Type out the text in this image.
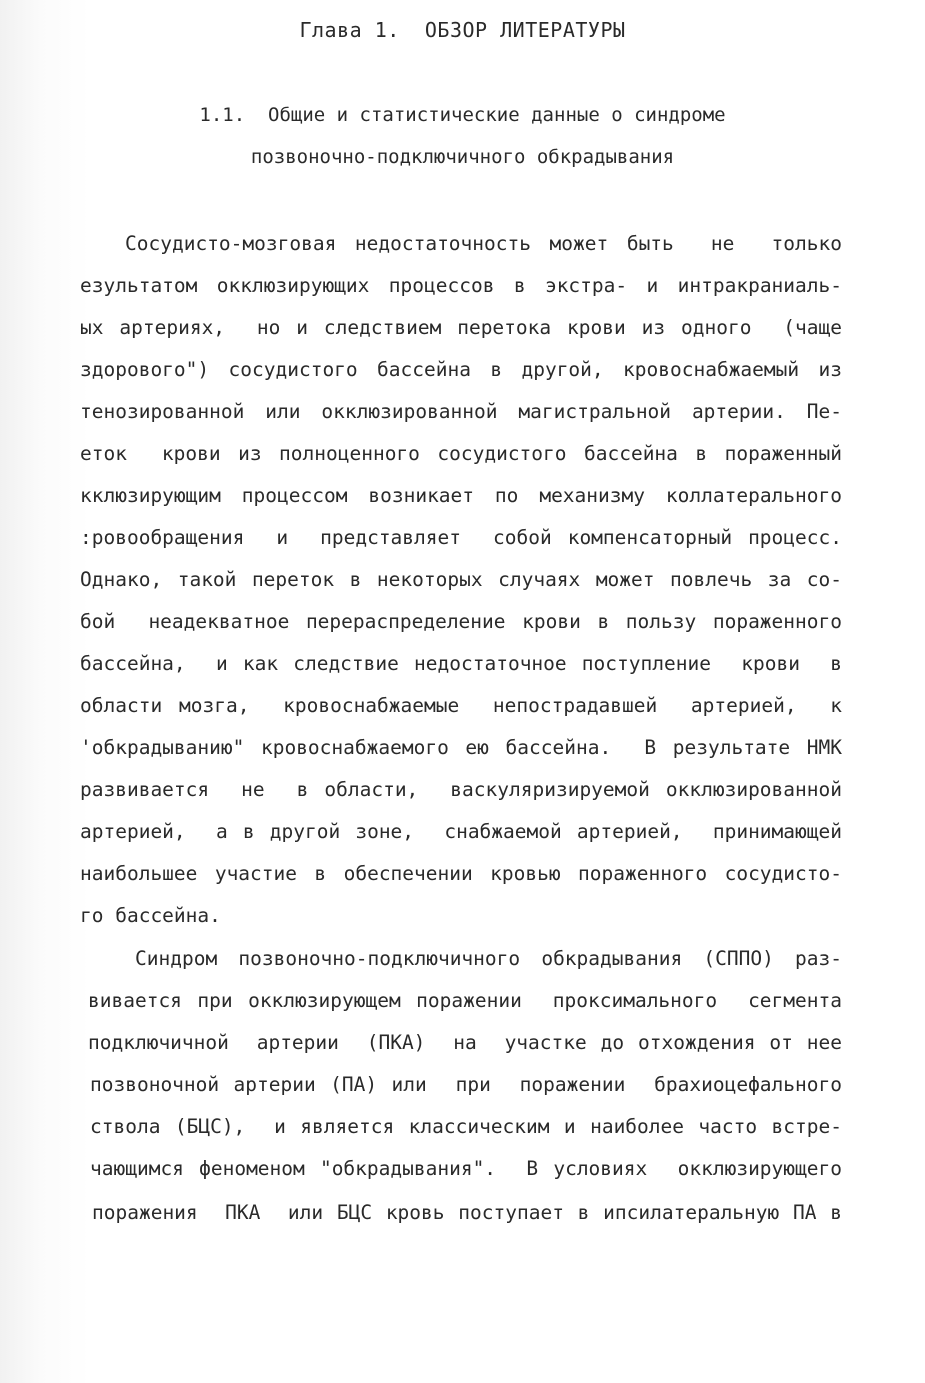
Глава 1.  ОБЗОР ЛИТЕРАТУРЫ
1.1.  Общие и статистические данные о синдроме
позвоночно-подключичного обкрадывания
Сосудисто-мозговая недостаточность может быть  не  только
езультатом окклюзирующих процессов в экстра- и интракраниаль-
ых артериях,  но и следствием перетока крови из одного  (чаще
здорового") сосудистого бассейна в другой, кровоснабжаемый из
тенозированной или окклюзированной магистральной артерии. Пе-
еток  крови из полноценного сосудистого бассейна в пораженный
кклюзирующим процессом возникает по механизму коллатерального
:ровообращения  и  представляет  собой компенсаторный процесс.
Однако, такой переток в некоторых случаях может повлечь за со-
бой  неадекватное перераспределение крови в пользу пораженного
бассейна,  и как следствие недостаточное поступление  крови  в
области мозга,  кровоснабжаемые  непострадавшей  артерией,  к
'обкрадыванию" кровоснабжаемого ею бассейна.  В результате НМК
развивается  не  в области,  васкуляризируемой окклюзированной
артерией,  а в другой зоне,  снабжаемой артерией,  принимающей
наибольшее участие в обеспечении кровью пораженного сосудисто-
го бассейна.
Синдром позвоночно-подключичного обкрадывания (СППО) раз-
вивается при окклюзирующем поражении  проксимального  сегмента
подключичной  артерии  (ПКА)  на  участке до отхождения от нее
позвоночной артерии (ПА) или  при  поражении  брахиоцефального
ствола (БЦС),  и является классическим и наиболее часто встре-
чающимся феноменом "обкрадывания".  В условиях  окклюзирующего
поражения  ПКА  или БЦС кровь поступает в ипсилатеральную ПА в
